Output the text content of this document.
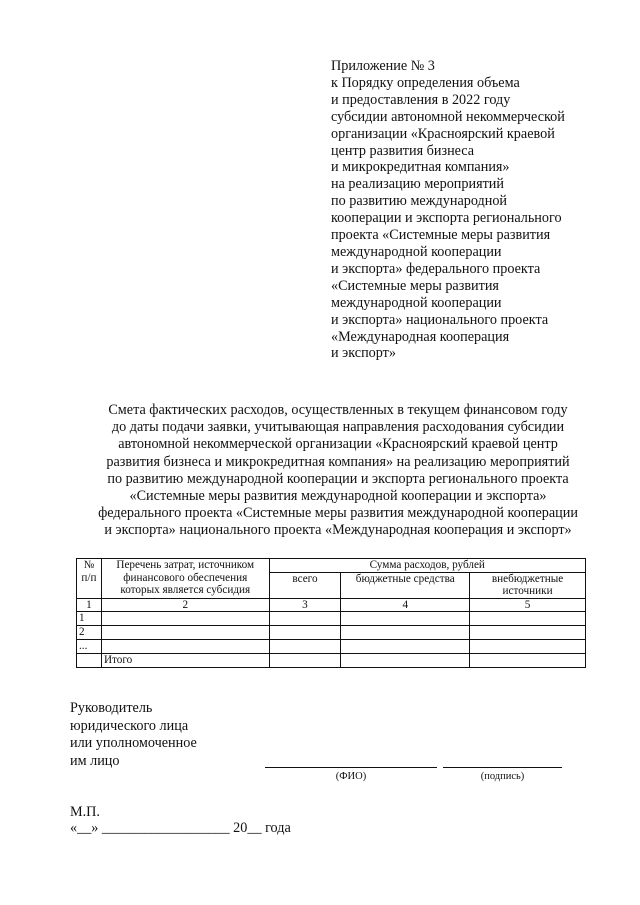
Приложение № 3
к Порядку определения объема
и предоставления в 2022 году
субсидии автономной некоммерческой
организации «Красноярский краевой
центр развития бизнеса
и микрокредитная компания»
на реализацию мероприятий
по развитию международной
кооперации и экспорта регионального
проекта «Системные меры развития
международной кооперации
и экспорта» федерального проекта
«Системные меры развития
международной кооперации
и экспорта» национального проекта
«Международная кооперация
и экспорт»
Смета фактических расходов, осуществленных в текущем финансовом году
до даты подачи заявки, учитывающая направления расходования субсидии
автономной некоммерческой организации «Красноярский краевой центр
развития бизнеса и микрокредитная компания» на реализацию мероприятий
по развитию международной кооперации и экспорта регионального проекта
«Системные меры развития международной кооперации и экспорта»
федерального проекта «Системные меры развития международной кооперации
и экспорта» национального проекта «Международная кооперация и экспорт»
№ п/п	Перечень затрат, источником финансового обеспечения которых является субсидия	Сумма расходов, рублей		
		всего	бюджетные средства	внебюджетные источники
1	2	3	4	5
1				
2				
...				
	Итого			
Руководитель
юридического лица
или уполномоченное
им лицо
(ФИО)	(подпись)
М.П.
«__» __________________ 20__ года
